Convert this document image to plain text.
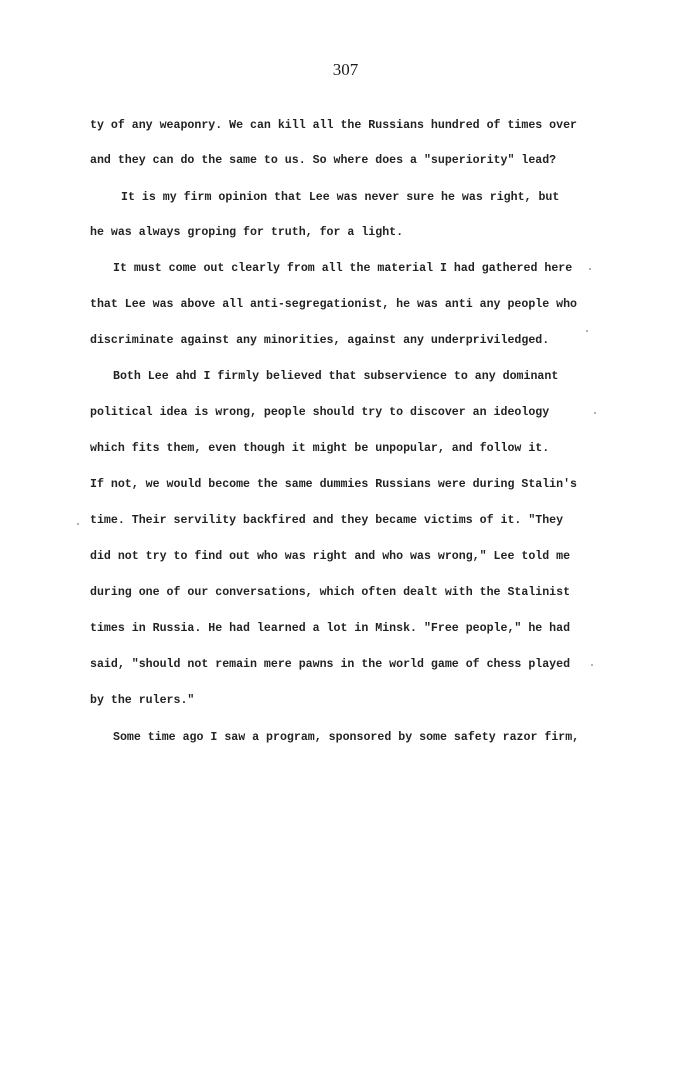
307
ty of any weaponry. We can kill all the Russians hundred of times over
and they can do the same to us. So where does a "superiority" lead?
It is my firm opinion that Lee was never sure he was right, but
he was always groping for truth, for a light.
It must come out clearly from all the material I had gathered here
that Lee was above all anti-segregationist, he was anti any people who
discriminate against any minorities, against any underpriviledged.
Both Lee ahd I firmly believed that subservience to any dominant
political idea is wrong, people should try to discover an ideology
which fits them, even though it might be unpopular, and follow it.
If not, we would become the same dummies Russians were during Stalin's
time. Their servility backfired and they became victims of it. "They
did not try to find out who was right and who was wrong," Lee told me
during one of our conversations, which often dealt with the Stalinist
times in Russia. He had learned a lot in Minsk. "Free people," he had
said, "should not remain mere pawns in the world game of chess played
by the rulers."
Some time ago I saw a program, sponsored by some safety razor firm,
